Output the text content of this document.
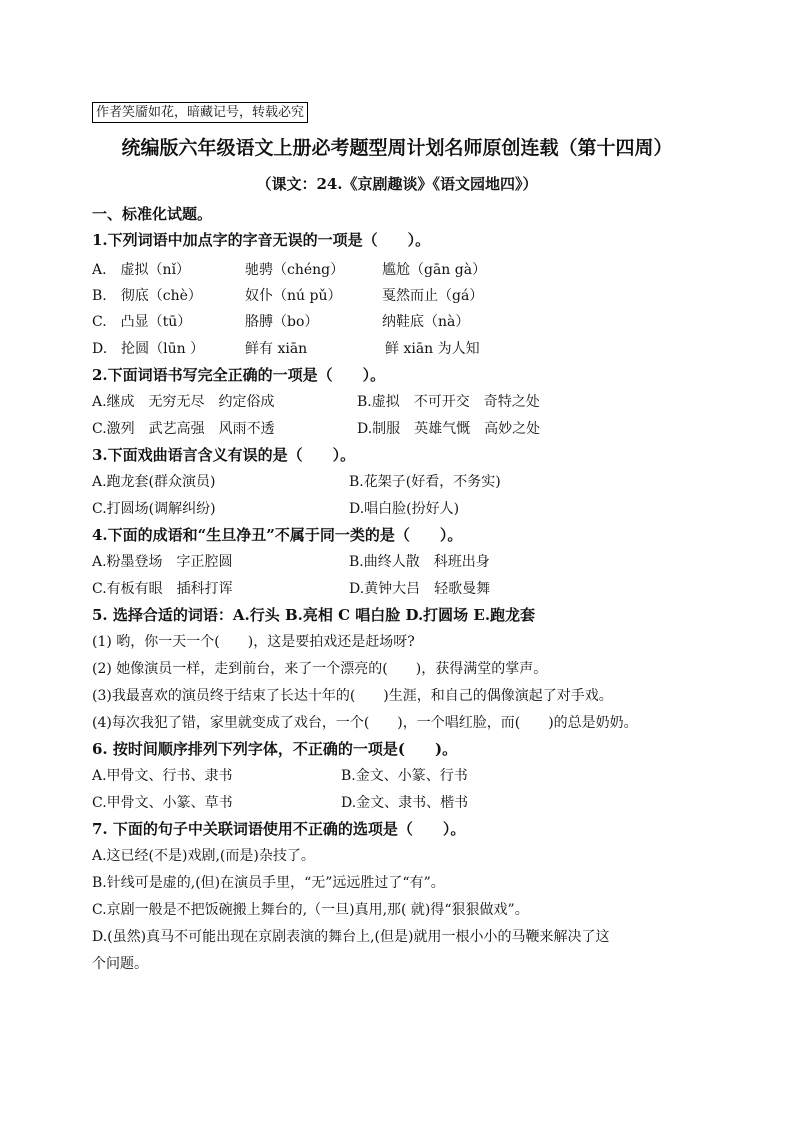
作者笑靥如花，暗藏记号，转载必究
统编版六年级语文上册必考题型周计划名师原创连载（第十四周）
（课文：24.《京剧趣谈》《语文园地四》）
一、标准化试题。
1.下列词语中加点字的字音无误的一项是（　　）。
A.　虚拟（nǐ）	驰骋（chéng）	尴尬（gān gà）
B.　彻底（chè）	奴仆（nú pǔ）	戛然而止（gá）
C.　凸显（tū）	胳膊（bo）	纳鞋底（nà）
D.　抡圆（lūn ）	鲜有 xiān	鲜 xiān 为人知
2.下面词语书写完全正确的一项是（　　）。
A.继成　无穷无尽　约定俗成	B.虚拟　不可开交　奇特之处
C.激列　武艺高强　风雨不透	D.制服　英雄气慨　高妙之处
3.下面戏曲语言含义有误的是（　　）。
A.跑龙套(群众演员)	B.花架子(好看，不务实)
C.打圆场(调解纠纷)	D.唱白脸(扮好人)
4.下面的成语和“生旦净丑”不属于同一类的是（　　）。
A.粉墨登场　字正腔圆	B.曲终人散　科班出身
C.有板有眼　插科打诨	D.黄钟大吕　轻歌曼舞
5. 选择合适的词语：A.行头 B.亮相 C 唱白脸 D.打圆场 E.跑龙套
(1) 哟，你一天一个(　　)，这是要拍戏还是赶场呀?
(2) 她像演员一样，走到前台，来了一个漂亮的(　　)，获得满堂的掌声。
(3)我最喜欢的演员终于结束了长达十年的(　　)生涯，和自己的偶像演起了对手戏。
(4)每次我犯了错，家里就变成了戏台，一个(　　)，一个唱红脸，而(　　)的总是奶奶。
6. 按时间顺序排列下列字体，不正确的一项是(　　)。
A.甲骨文、行书、隶书	B.金文、小篆、行书
C.甲骨文、小篆、草书	D.金文、隶书、楷书
7. 下面的句子中关联词语使用不正确的选项是（　　）。
A.这已经(不是)戏剧,(而是)杂技了。
B.针线可是虚的,(但)在演员手里，“无”远远胜过了“有”。
C.京剧一般是不把饭碗搬上舞台的,（一旦)真用,那( 就)得“狠狠做戏”。
D.(虽然)真马不可能出现在京剧表演的舞台上,(但是)就用一根小小的马鞭来解决了这
个问题。
